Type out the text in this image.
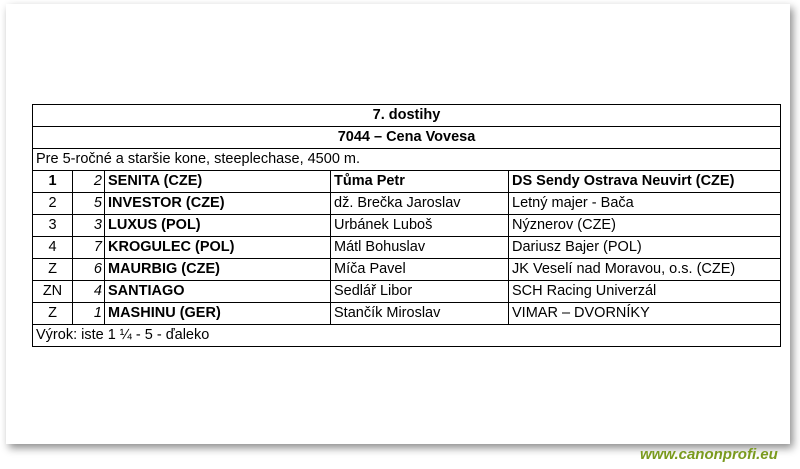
7. dostihy				
7044 – Cena Vovesa				
Pre 5-ročné a staršie kone, steeplechase, 4500 m.				
1	2	SENITA (CZE)	Tůma Petr	DS Sendy Ostrava Neuvirt (CZE)
2	5	INVESTOR (CZE)	dž. Brečka Jaroslav	Letný majer - Bača
3	3	LUXUS (POL)	Urbánek Luboš	Nýznerov (CZE)
4	7	KROGULEC (POL)	Mátl Bohuslav	Dariusz Bajer (POL)
Z	6	MAURBIG (CZE)	Míča Pavel	JK Veselí nad Moravou, o.s. (CZE)
ZN	4	SANTIAGO	Sedlář Libor	SCH Racing Univerzál
Z	1	MASHINU (GER)	Stančík Miroslav	VIMAR – DVORNÍKY
Výrok: iste 1 ¼ - 5 - ďaleko				
www.canonprofi.eu
